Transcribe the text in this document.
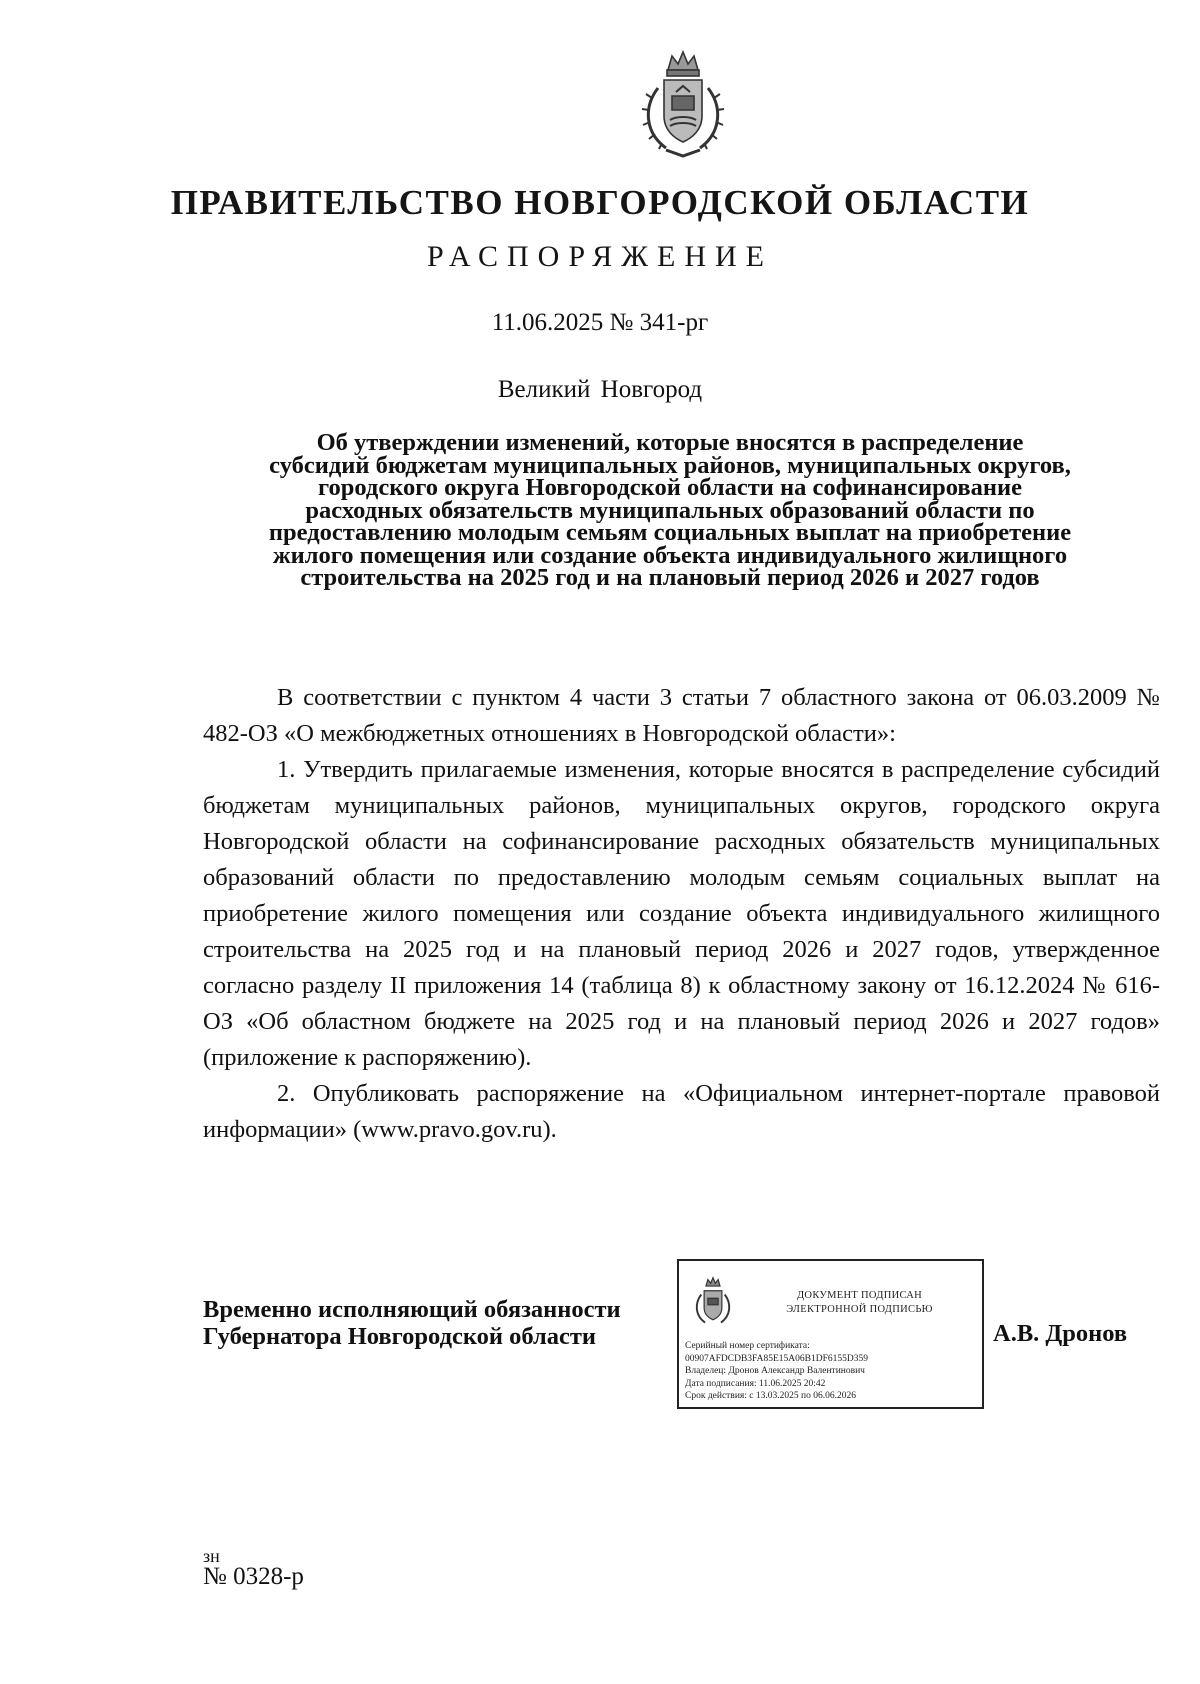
ПРАВИТЕЛЬСТВО НОВГОРОДСКОЙ ОБЛАСТИ
РАСПОРЯЖЕНИЕ
11.06.2025 № 341-рг
Великий Новгород
Об утверждении изменений, которые вносятся в распределение
субсидий бюджетам муниципальных районов, муниципальных округов,
городского округа Новгородской области на софинансирование
расходных обязательств муниципальных образований области по
предоставлению молодым семьям социальных выплат на приобретение
жилого помещения или создание объекта индивидуального жилищного
строительства на 2025 год и на плановый период 2026 и 2027 годов

В соответствии с пунктом 4 части 3 статьи 7 областного закона от 06.03.2009 № 482-ОЗ «О межбюджетных отношениях в Новгородской области»:

1. Утвердить прилагаемые изменения, которые вносятся в распределение субсидий бюджетам муниципальных районов, муниципальных округов, городского округа Новгородской области на софинансирование расходных обязательств муниципальных образований области по предоставлению молодым семьям социальных выплат на приобретение жилого помещения или создание объекта индивидуального жилищного строительства на 2025 год и на плановый период 2026 и 2027 годов, утвержденное согласно разделу II приложения 14 (таблица 8) к областному закону от 16.12.2024 № 616-ОЗ «Об областном бюджете на 2025 год и на плановый период 2026 и 2027 годов» (приложение к распоряжению).

2. Опубликовать распоряжение на «Официальном интернет-портале правовой информации» (www.pravo.gov.ru).

Временно исполняющий обязанности
Губернатора Новгородской области
ДОКУМЕНТ ПОДПИСАН
ЭЛЕКТРОННОЙ ПОДПИСЬЮ
Серийный номер сертификата:
00907AFDCDB3FA85E15A06B1DF6155D359
Владелец: Дронов Александр Валентинович
Дата подписания: 11.06.2025 20:42
Срок действия: с 13.03.2025 по 06.06.2026
А.В. Дронов
зн
№ 0328-р
